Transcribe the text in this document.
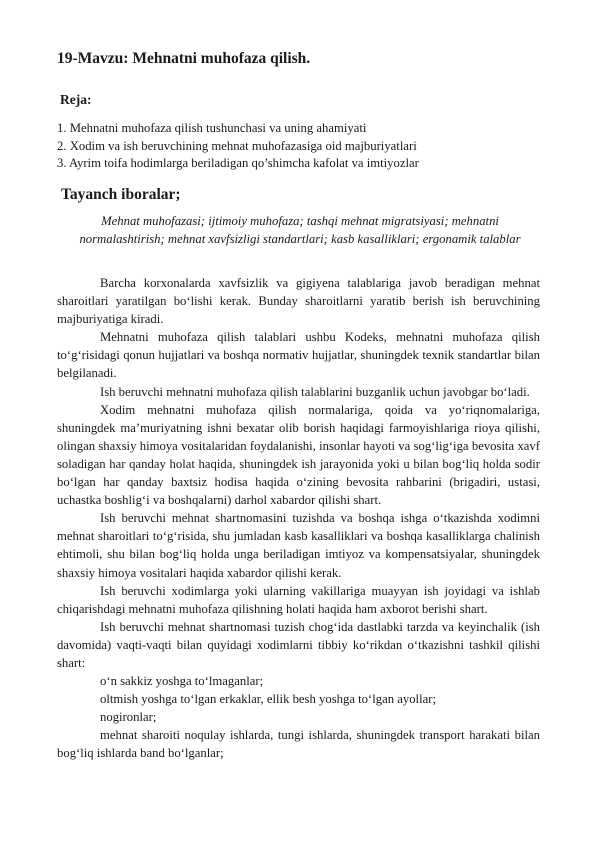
19-Mavzu: Mehnatni muhofaza qilish.
Reja:
1. Mehnatni muhofaza qilish tushunchasi va uning ahamiyati
2. Xodim va ish beruvchining mehnat muhofazasiga oid majburiyatlari
3. Ayrim toifa hodimlarga beriladigan qo’shimcha kafolat va imtiyozlar
Tayanch iboralar;
Mehnat muhofazasi; ijtimoiy muhofaza; tashqi mehnat migratsiyasi; mehnatni normalashtirish; mehnat xavfsizligi standartlari; kasb kasalliklari; ergonamik talablar

Barcha korxonalarda xavfsizlik va gigiyena talablariga javob beradigan mehnat sharoitlari yaratilgan bo‘lishi kerak. Bunday sharoitlarni yaratib berish ish beruvchining majburiyatiga kiradi.

Mehnatni muhofaza qilish talablari ushbu Kodeks, mehnatni muhofaza qilish to‘g‘risidagi qonun hujjatlari va boshqa normativ hujjatlar, shuningdek texnik standartlar bilan belgilanadi.

Ish beruvchi mehnatni muhofaza qilish talablarini buzganlik uchun javobgar bo‘ladi.

Xodim mehnatni muhofaza qilish normalariga, qoida va yo‘riqnomalariga, shuningdek ma’muriyatning ishni bexatar olib borish haqidagi farmoyishlariga rioya qilishi, olingan shaxsiy himoya vositalaridan foydalanishi, insonlar hayoti va sog‘lig‘iga bevosita xavf soladigan har qanday holat haqida, shuningdek ish jarayonida yoki u bilan bog‘liq holda sodir bo‘lgan har qanday baxtsiz hodisa haqida o‘zining bevosita rahbarini (brigadiri, ustasi, uchastka boshlig‘i va boshqalarni) darhol xabardor qilishi shart.

Ish beruvchi mehnat shartnomasini tuzishda va boshqa ishga o‘tkazishda xodimni mehnat sharoitlari to‘g‘risida, shu jumladan kasb kasalliklari va boshqa kasalliklarga chalinish ehtimoli, shu bilan bog‘liq holda unga beriladigan imtiyoz va kompensatsiyalar, shuningdek shaxsiy himoya vositalari haqida xabardor qilishi kerak.

Ish beruvchi xodimlarga yoki ularning vakillariga muayyan ish joyidagi va ishlab chiqarishdagi mehnatni muhofaza qilishning holati haqida ham axborot berishi shart.

Ish beruvchi mehnat shartnomasi tuzish chog‘ida dastlabki tarzda va keyinchalik (ish davomida) vaqti-vaqti bilan quyidagi xodimlarni tibbiy ko‘rikdan o‘tkazishni tashkil qilishi shart:

o‘n sakkiz yoshga to‘lmaganlar;

oltmish yoshga to‘lgan erkaklar, ellik besh yoshga to‘lgan ayollar;

nogironlar;

mehnat sharoiti noqulay ishlarda, tungi ishlarda, shuningdek transport harakati bilan bog‘liq ishlarda band bo‘lganlar;
